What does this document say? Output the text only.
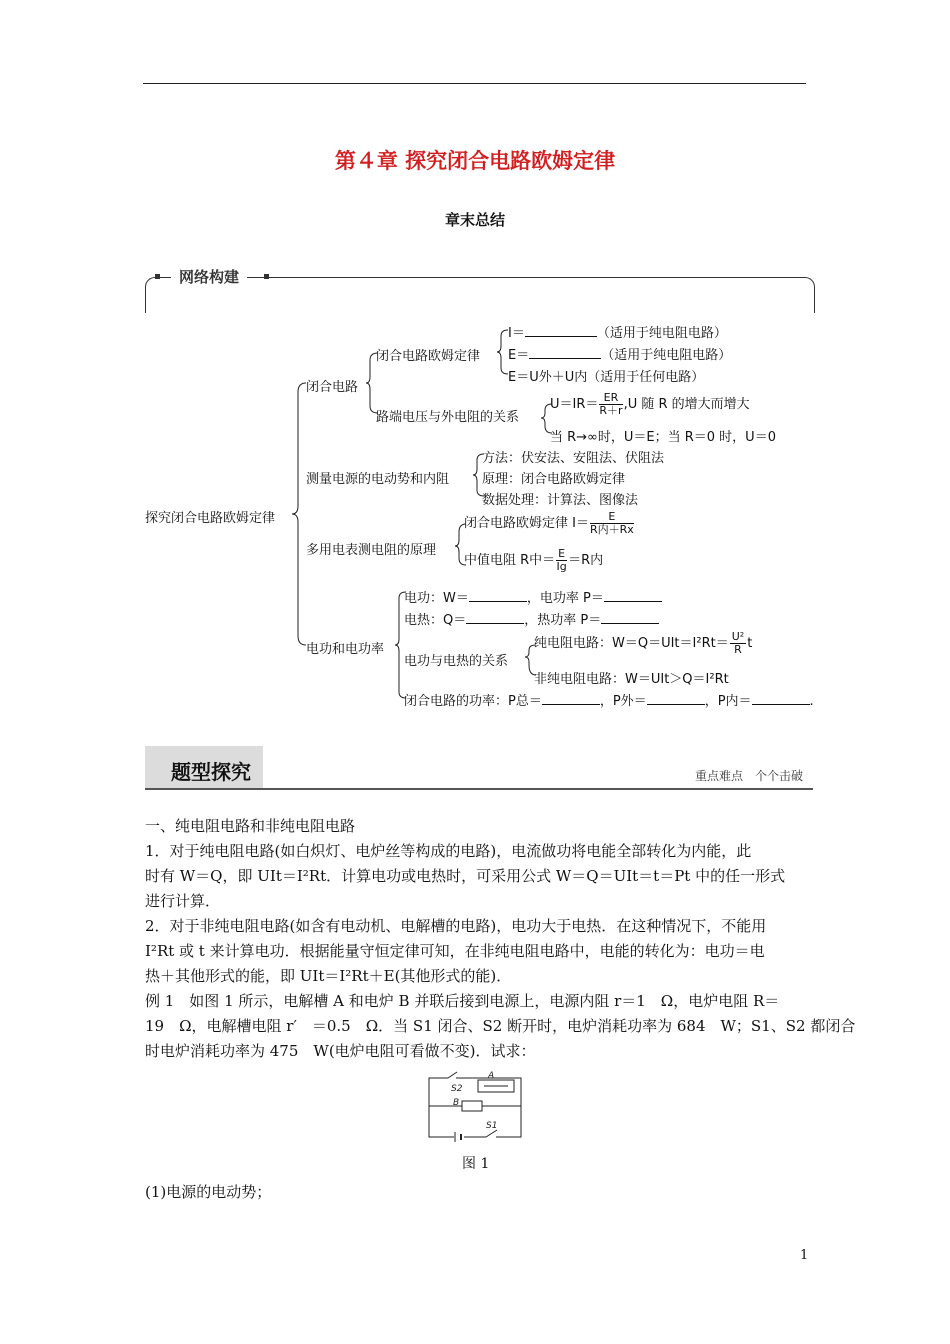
第４章 探究闭合电路欧姆定律
章末总结
网络构建
探究闭合电路欧姆定律
闭合电路
闭合电路欧姆定律
I＝	（适用于纯电阻电路）
E＝	（适用于纯电阻电路）
E＝U外＋U内（适用于任何电路）
路端电压与外电阻的关系
$U=IR= \frac{ER}{R+r} ,U$ 随 R 的增大而增大
当 R→∞时，U＝E；当 R＝0 时，U＝0
测量电源的电动势和内阻
方法：伏安法、安阻法、伏阻法
原理：闭合电路欧姆定律
数据处理：计算法、图像法
多用电表测电阻的原理
闭合电路欧姆定律 $I= \frac{E}{\text{R内＋Rx}}$
中值电阻 R中＝ $\frac{E}{Ig} =R$内
电功和电功率
电功：W＝	，电功率 P＝
电热：Q＝	，热功率 P＝
电功与电热的关系
纯电阻电路：$W=Q=UIt=I^2Rt= \frac{\text{U²}}{R}$ t
非纯电阻电路：W＝UIt＞Q＝I²Rt
闭合电路的功率：P总＝	，P外＝	，P内＝	.
题型探究	重点难点　个个击破
一、纯电阻电路和非纯电阻电路
1．对于纯电阻电路(如白炽灯、电炉丝等构成的电路)，电流做功将电能全部转化为内能，此
时有 W＝Q，即 UIt＝I²Rt．计算电功或电热时，可采用公式 W＝Q＝UIt＝t＝Pt 中的任一形式
进行计算．
2．对于非纯电阻电路(如含有电动机、电解槽的电路)，电功大于电热．在这种情况下，不能用
I²Rt 或 t 来计算电功．根据能量守恒定律可知，在非纯电阻电路中，电能的转化为：电功＝电
热＋其他形式的能，即 UIt＝I²Rt＋E(其他形式的能)．
例 1　如图 1 所示，电解槽 A 和电炉 B 并联后接到电源上，电源内阻 r＝1　Ω，电炉电阻 R＝
19　Ω，电解槽电阻 r′　＝0.5　Ω．当 S1 闭合、S2 断开时，电炉消耗功率为 684　W；S1、S2 都闭合
时电炉消耗功率为 475　W(电炉电阻可看做不变)．试求：
S2
A
B
S1
图 1
(1)电源的电动势；
1
